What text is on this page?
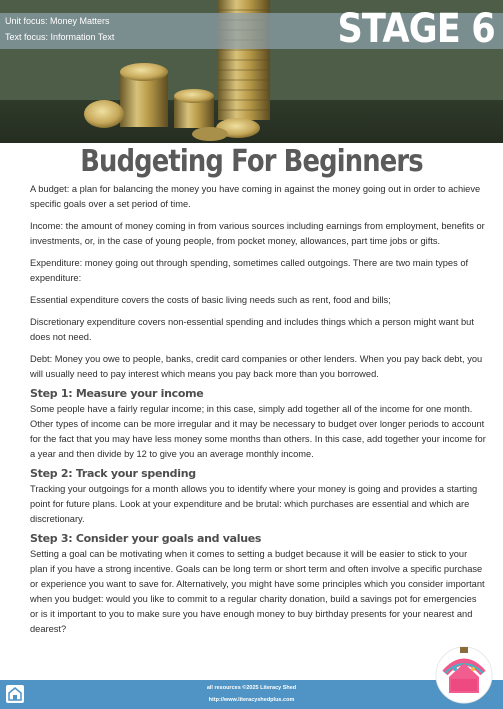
Unit focus: Money Matters
Text focus: Information Text	STAGE 6
Budgeting For Beginners

A budget: a plan for balancing the money you have coming in against the money going out in order to achieve specific goals over a set period of time.

Income: the amount of money coming in from various sources including earnings from employment, benefits or investments, or, in the case of young people, from pocket money, allowances, part time jobs or gifts.

Expenditure: money going out through spending, sometimes called outgoings. There are two main types of expenditure:

Essential expenditure covers the costs of basic living needs such as rent, food and bills;

Discretionary expenditure covers non-essential spending and includes things which a person might want but does not need.

Debt: Money you owe to people, banks, credit card companies or other lenders. When you pay back debt, you will usually need to pay interest which means you pay back more than you borrowed.

Step 1: Measure your income

Some people have a fairly regular income; in this case, simply add together all of the income for one month. Other types of income can be more irregular and it may be necessary to budget over longer periods to account for the fact that you may have less money some months than others. In this case, add together your income for a year and then divide by 12 to give you an average monthly income.

Step 2: Track your spending

Tracking your outgoings for a month allows you to identify where your money is going and provides a starting point for future plans. Look at your expenditure and be brutal: which purchases are essential and which are discretionary.

Step 3: Consider your goals and values

Setting a goal can be motivating when it comes to setting a budget because it will be easier to stick to your plan if you have a strong incentive. Goals can be long term or short term and often involve a specific purchase or experience you want to save for. Alternatively, you might have some principles which you consider important when you budget: would you like to commit to a regular charity donation, build a savings pot for emergencies or is it important to you to make sure you have enough money to buy birthday presents for your nearest and dearest?

all resources ©2025 Literacy Shed
http://www.literacyshedplus.com
